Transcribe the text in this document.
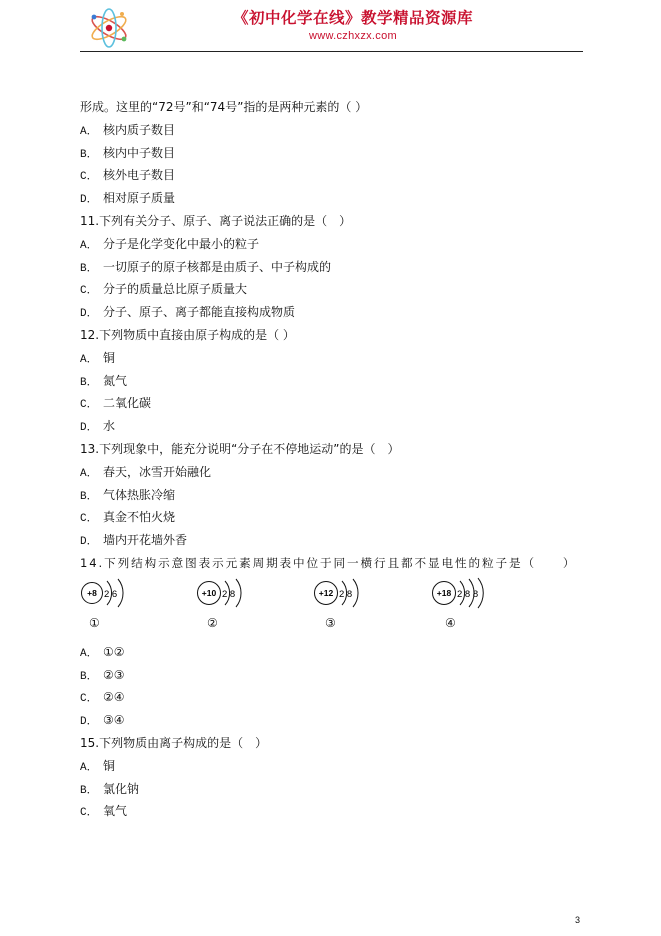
《初中化学在线》教学精品资源库
www.czhxzx.com
形成。这里的“72号”和“74号”指的是两种元素的（ ）
A． 核内质子数目
B． 核内中子数目
C． 核外电子数目
D． 相对原子质量
11.下列有关分子、原子、离子说法正确的是（　）
A． 分子是化学变化中最小的粒子
B． 一切原子的原子核都是由质子、中子构成的
C． 分子的质量总比原子质量大
D． 分子、原子、离子都能直接构成物质
12.下列物质中直接由原子构成的是（ ）
A． 铜
B． 氮气
C． 二氧化碳
D． 水
13.下列现象中，能充分说明“分子在不停地运动”的是（　）
A． 春天，冰雪开始融化
B． 气体热胀冷缩
C． 真金不怕火烧
D． 墙内开花墙外香
14.下列结构示意图表示元素周期表中位于同一横行且都不显电性的粒子是（　　）
+8 2 6
①
+10 2 8
②
+12 2 8
③
+18 2 8 8
④
A． ①②
B． ②③
C． ②④
D． ③④
15.下列物质由离子构成的是（　）
A． 铜
B． 氯化钠
C． 氧气
3
